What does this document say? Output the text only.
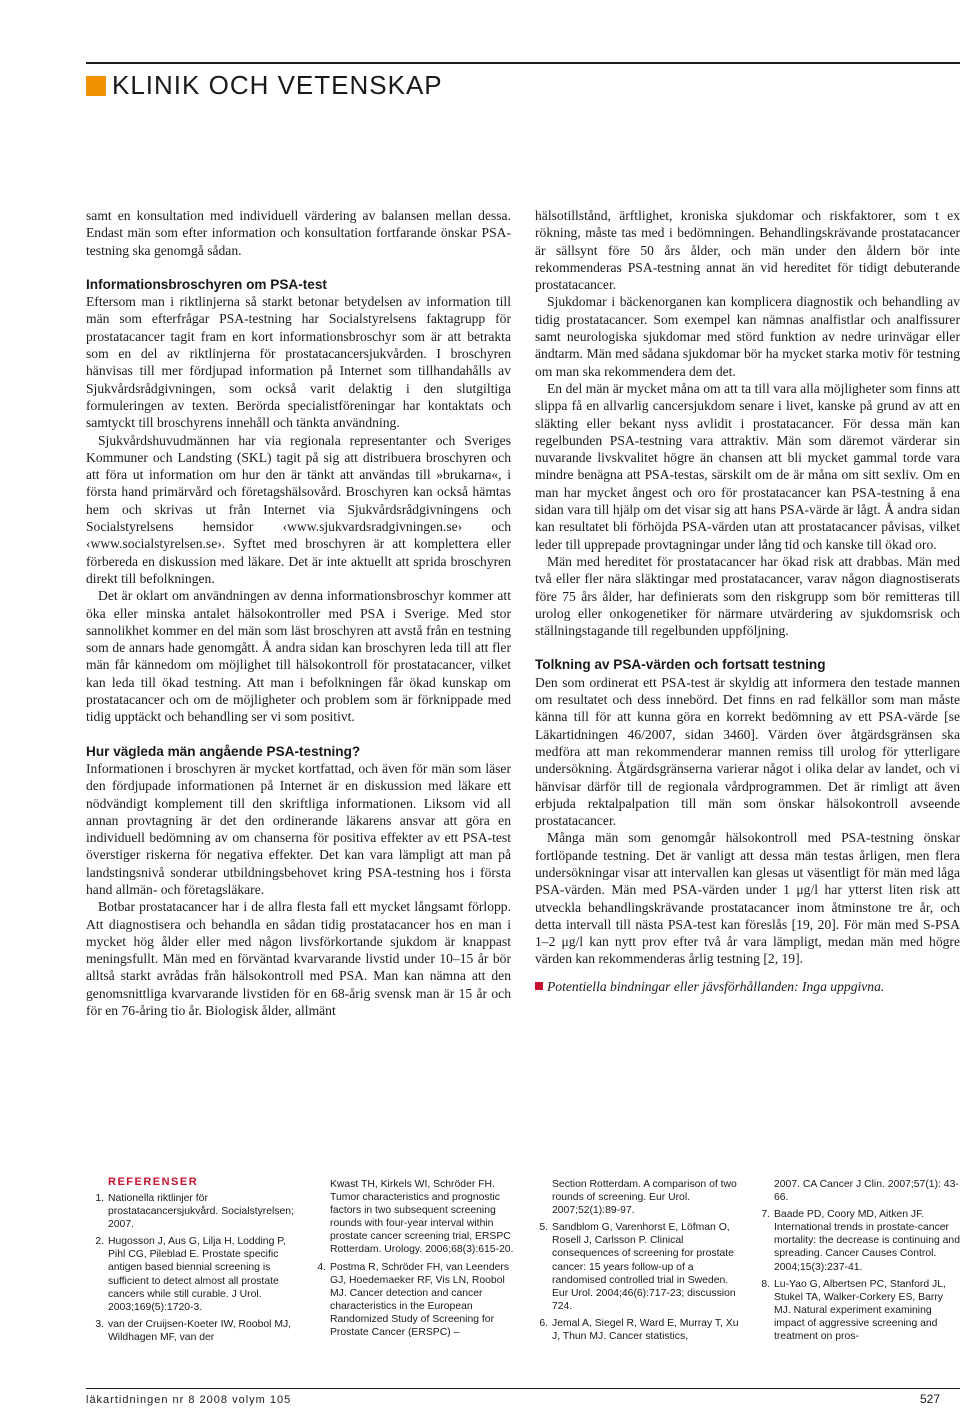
KLINIK OCH VETENSKAP

samt en konsultation med individuell värdering av balansen mellan dessa. Endast män som efter information och konsultation fortfarande önskar PSA-testning ska genomgå sådan.

Informationsbroschyren om PSA-test

Eftersom man i riktlinjerna så starkt betonar betydelsen av information till män som efterfrågar PSA-testning har Socialstyrelsens faktagrupp för prostatacancer tagit fram en kort informationsbroschyr som är att betrakta som en del av riktlinjerna för prostatacancersjukvården. I broschyren hänvisas till mer fördjupad information på Internet som tillhandahålls av Sjukvårdsrådgivningen, som också varit delaktig i den slutgiltiga formuleringen av texten. Berörda specialistföreningar har kontaktats och samtyckt till broschyrens innehåll och tänkta användning.

Sjukvårdshuvudmännen har via regionala representanter och Sveriges Kommuner och Landsting (SKL) tagit på sig att distribuera broschyren och att föra ut information om hur den är tänkt att användas till »brukarna«, i första hand primärvård och företagshälsovård. Broschyren kan också hämtas hem och skrivas ut från Internet via Sjukvårdsrådgivningens och Socialstyrelsens hemsidor ‹www.sjukvardsradgivningen.se› och ‹www.socialstyrelsen.se›. Syftet med broschyren är att komplettera eller förbereda en diskussion med läkare. Det är inte aktuellt att sprida broschyren direkt till befolkningen.

Det är oklart om användningen av denna informationsbroschyr kommer att öka eller minska antalet hälsokontroller med PSA i Sverige. Med stor sannolikhet kommer en del män som läst broschyren att avstå från en testning som de annars hade genomgått. Å andra sidan kan broschyren leda till att fler män får kännedom om möjlighet till hälsokontroll för prostatacancer, vilket kan leda till ökad testning. Att man i befolkningen får ökad kunskap om prostatacancer och om de möjligheter och problem som är förknippade med tidig upptäckt och behandling ser vi som positivt.

Hur vägleda män angående PSA-testning?

Informationen i broschyren är mycket kortfattad, och även för män som läser den fördjupade informationen på Internet är en diskussion med läkare ett nödvändigt komplement till den skriftliga informationen. Liksom vid all annan provtagning är det den ordinerande läkarens ansvar att göra en individuell bedömning av om chanserna för positiva effekter av ett PSA-test överstiger riskerna för negativa effekter. Det kan vara lämpligt att man på landstingsnivå sonderar utbildningsbehovet kring PSA-testning hos i första hand allmän- och företagsläkare.

Botbar prostatacancer har i de allra flesta fall ett mycket långsamt förlopp. Att diagnostisera och behandla en sådan tidig prostatacancer hos en man i mycket hög ålder eller med någon livsförkortande sjukdom är knappast meningsfullt. Män med en förväntad kvarvarande livstid under 10–15 år bör alltså starkt avrådas från hälsokontroll med PSA. Man kan nämna att den genomsnittliga kvarvarande livstiden för en 68-årig svensk man är 15 år och för en 76-åring tio år. Biologisk ålder, allmänt

hälsotillstånd, ärftlighet, kroniska sjukdomar och riskfaktorer, som t ex rökning, måste tas med i bedömningen. Behandlingskrävande prostatacancer är sällsynt före 50 års ålder, och män under den åldern bör inte rekommenderas PSA-testning annat än vid hereditet för tidigt debuterande prostatacancer.

Sjukdomar i bäckenorganen kan komplicera diagnostik och behandling av tidig prostatacancer. Som exempel kan nämnas analfistlar och analfissurer samt neurologiska sjukdomar med störd funktion av nedre urinvägar eller ändtarm. Män med sådana sjukdomar bör ha mycket starka motiv för testning om man ska rekommendera dem det.

En del män är mycket måna om att ta till vara alla möjligheter som finns att slippa få en allvarlig cancersjukdom senare i livet, kanske på grund av att en släkting eller bekant nyss avlidit i prostatacancer. För dessa män kan regelbunden PSA-testning vara attraktiv. Män som däremot värderar sin nuvarande livskvalitet högre än chansen att bli mycket gammal torde vara mindre benägna att PSA-testas, särskilt om de är måna om sitt sexliv. Om en man har mycket ångest och oro för prostatacancer kan PSA-testning å ena sidan vara till hjälp om det visar sig att hans PSA-värde är lågt. Å andra sidan kan resultatet bli förhöjda PSA-värden utan att prostatacancer påvisas, vilket leder till upprepade provtagningar under lång tid och kanske till ökad oro.

Män med hereditet för prostatacancer har ökad risk att drabbas. Män med två eller fler nära släktingar med prostatacancer, varav någon diagnostiserats före 75 års ålder, har definierats som den riskgrupp som bör remitteras till urolog eller onkogenetiker för närmare utvärdering av sjukdomsrisk och ställningstagande till regelbunden uppföljning.

Tolkning av PSA-värden och fortsatt testning

Den som ordinerat ett PSA-test är skyldig att informera den testade mannen om resultatet och dess innebörd. Det finns en rad felkällor som man måste känna till för att kunna göra en korrekt bedömning av ett PSA-värde [se Läkartidningen 46/2007, sidan 3460]. Värden över åtgärdsgränsen ska medföra att man rekommenderar mannen remiss till urolog för ytterligare undersökning. Åtgärdsgränserna varierar något i olika delar av landet, och vi hänvisar därför till de regionala vårdprogrammen. Det är rimligt att även erbjuda rektalpalpation till män som önskar hälsokontroll avseende prostatacancer.

Många män som genomgår hälsokontroll med PSA-testning önskar fortlöpande testning. Det är vanligt att dessa män testas årligen, men flera undersökningar visar att intervallen kan glesas ut väsentligt för män med låga PSA-värden. Män med PSA-värden under 1 μg/l har ytterst liten risk att utveckla behandlingskrävande prostatacancer inom åtminstone tre år, och detta intervall till nästa PSA-test kan föreslås [19, 20]. För män med S-PSA 1–2 μg/l kan nytt prov efter två år vara lämpligt, medan män med högre värden kan rekommenderas årlig testning [2, 19].

Potentiella bindningar eller jävsförhållanden: Inga uppgivna.
REFERENSER
1. Nationella riktlinjer för prostatacancersjukvård. Socialstyrelsen; 2007.
2. Hugosson J, Aus G, Lilja H, Lodding P, Pihl CG, Pileblad E. Prostate specific antigen based biennial screening is sufficient to detect almost all prostate cancers while still curable. J Urol. 2003;169(5):1720-3.
3. van der Cruijsen-Koeter IW, Roobol MJ, Wildhagen MF, van der
Kwast TH, Kirkels WI, Schröder FH. Tumor characteristics and prognostic factors in two subsequent screening rounds with four-year interval within prostate cancer screening trial, ERSPC Rotterdam. Urology. 2006;68(3):615-20.
4. Postma R, Schröder FH, van Leenders GJ, Hoedemaeker RF, Vis LN, Roobol MJ. Cancer detection and cancer characteristics in the European Randomized Study of Screening for Prostate Cancer (ERSPC) –
Section Rotterdam. A comparison of two rounds of screening. Eur Urol. 2007;52(1):89-97.
5. Sandblom G, Varenhorst E, Löfman O, Rosell J, Carlsson P. Clinical consequences of screening for prostate cancer: 15 years follow-up of a randomised controlled trial in Sweden. Eur Urol. 2004;46(6):717-23; discussion 724.
6. Jemal A, Siegel R, Ward E, Murray T, Xu J, Thun MJ. Cancer statistics,
2007. CA Cancer J Clin. 2007;57(1): 43-66.
7. Baade PD, Coory MD, Aitken JF. International trends in prostate-cancer mortality: the decrease is continuing and spreading. Cancer Causes Control. 2004;15(3):237-41.
8. Lu-Yao G, Albertsen PC, Stanford JL, Stukel TA, Walker-Corkery ES, Barry MJ. Natural experiment examining impact of aggressive screening and treatment on pros-
läkartidningen nr 8 2008 volym 105	527
